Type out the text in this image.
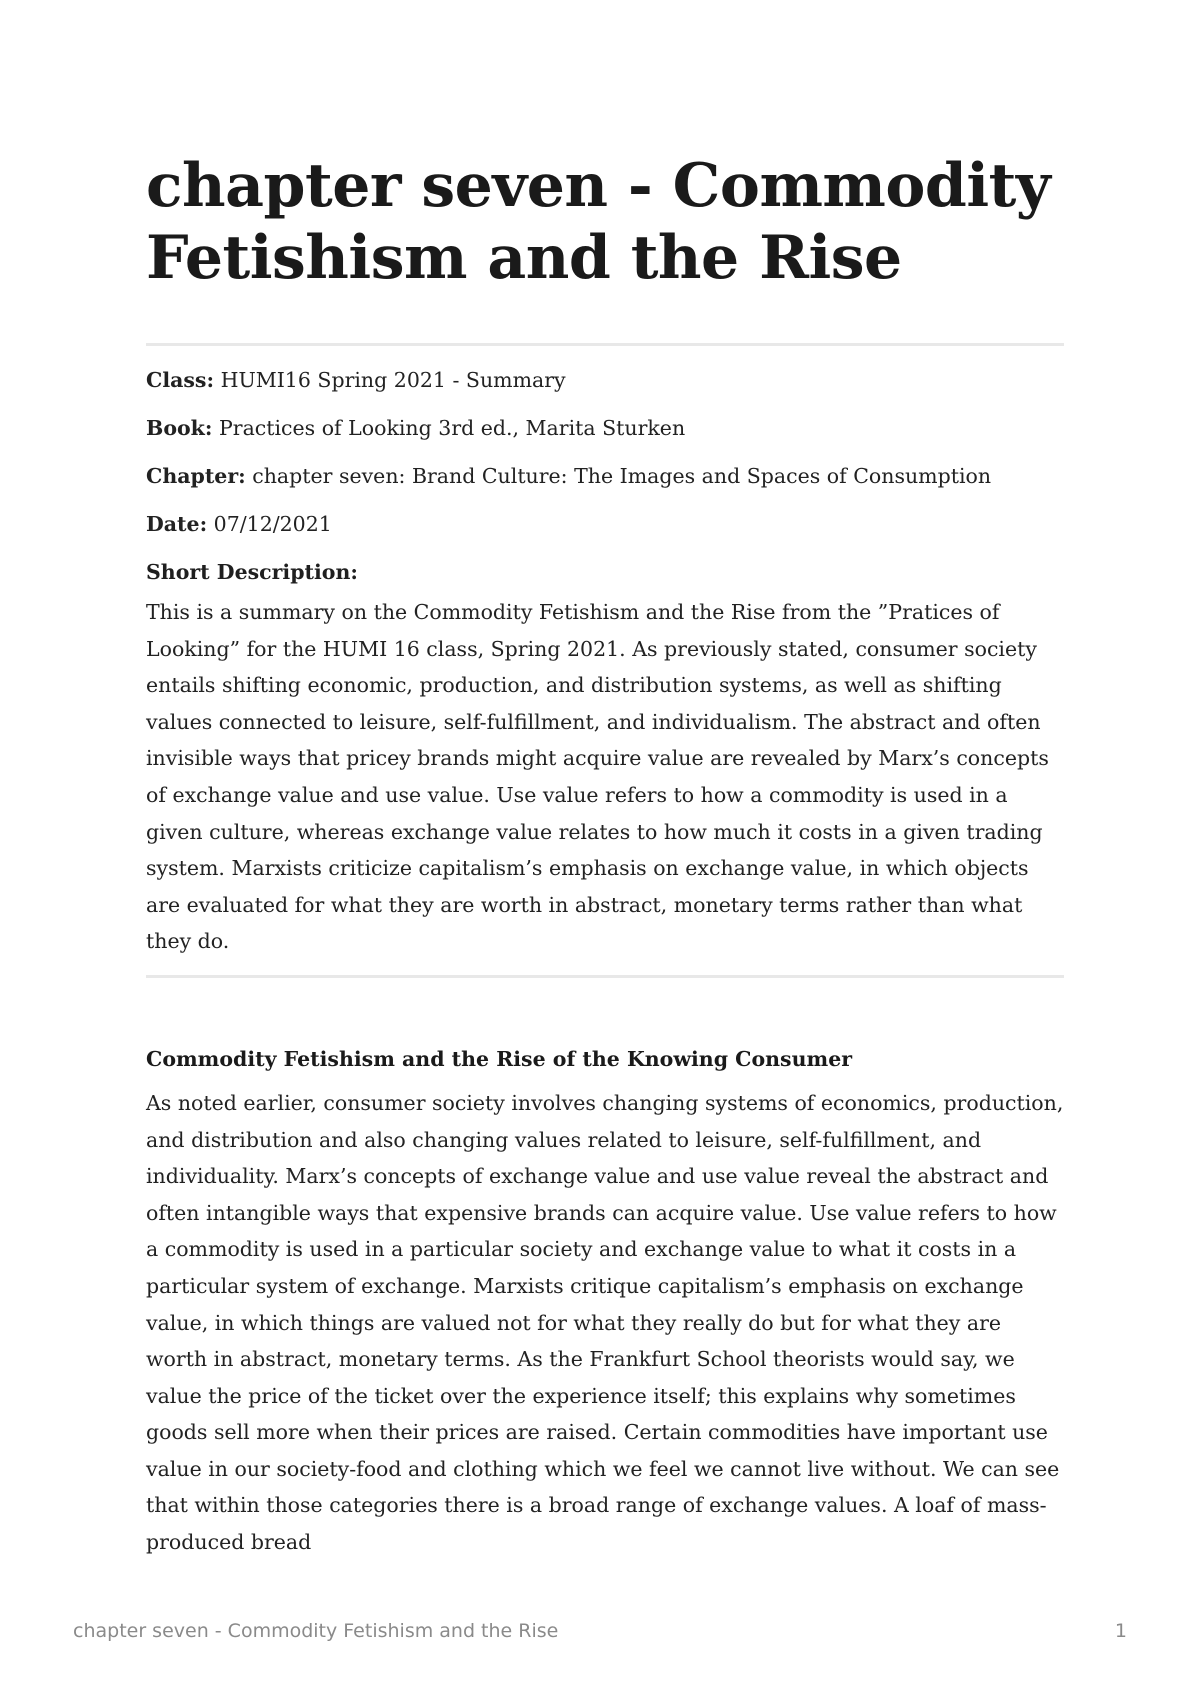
chapter seven - Commodity Fetishism and the Rise

Class: HUMI16 Spring 2021 - Summary

Book: Practices of Looking 3rd ed., Marita Sturken

Chapter: chapter seven: Brand Culture: The Images and Spaces of Consumption

Date: 07/12/2021

Short Description:

This is a summary on the Commodity Fetishism and the Rise from the ”Pratices of Looking” for the HUMI 16 class, Spring 2021. As previously stated, consumer society entails shifting economic, production, and distribution systems, as well as shifting values connected to leisure, self-fulfillment, and individualism. The abstract and often invisible ways that pricey brands might acquire value are revealed by Marx’s concepts of exchange value and use value. Use value refers to how a commodity is used in a given culture, whereas exchange value relates to how much it costs in a given trading system. Marxists criticize capitalism’s emphasis on exchange value, in which objects are evaluated for what they are worth in abstract, monetary terms rather than what they do.

Commodity Fetishism and the Rise of the Knowing Consumer

As noted earlier, consumer society involves changing systems of economics, production, and distribution and also changing values related to leisure, self-fulfillment, and individuality. Marx’s concepts of exchange value and use value reveal the abstract and often intangible ways that expensive brands can acquire value. Use value refers to how a commodity is used in a particular society and exchange value to what it costs in a particular system of exchange. Marxists critique capitalism’s emphasis on exchange value, in which things are valued not for what they really do but for what they are worth in abstract, monetary terms. As the Frankfurt School theorists would say, we value the price of the ticket over the experience itself; this explains why sometimes goods sell more when their prices are raised. Certain commodities have important use value in our society-food and clothing which we feel we cannot live without. We can see that within those categories there is a broad range of exchange values. A loaf of mass-produced bread

chapter seven - Commodity Fetishism and the Rise	1
